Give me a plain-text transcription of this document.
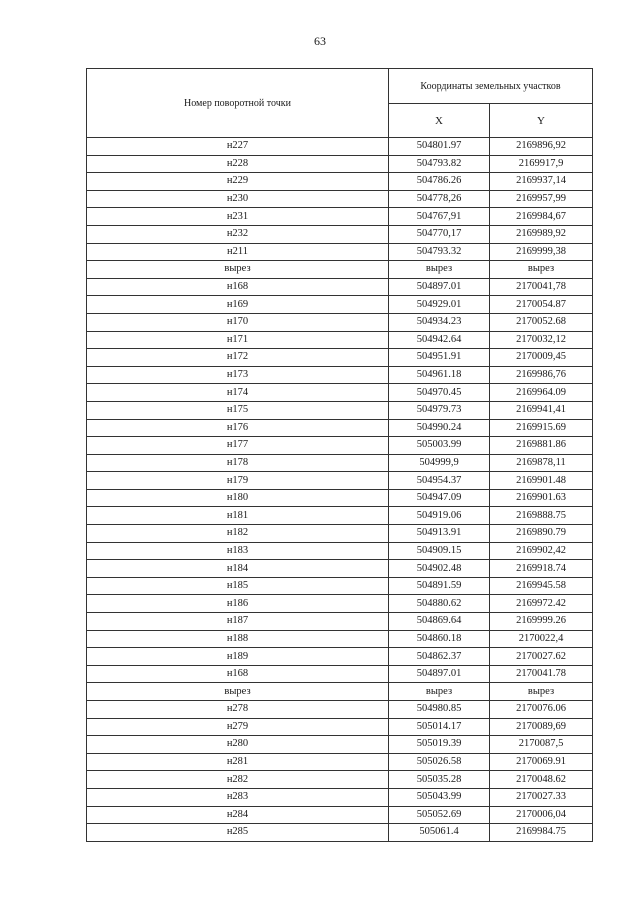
63
Номер поворотной точки	Координаты земельных участков	
	X	Y
н227	504801.97	2169896,92
н228	504793.82	2169917,9
н229	504786.26	2169937,14
н230	504778,26	2169957,99
н231	504767,91	2169984,67
н232	504770,17	2169989,92
н211	504793.32	2169999,38
вырез	вырез	вырез
н168	504897.01	2170041,78
н169	504929.01	2170054.87
н170	504934.23	2170052.68
н171	504942.64	2170032,12
н172	504951.91	2170009,45
н173	504961.18	2169986,76
н174	504970.45	2169964.09
н175	504979.73	2169941,41
н176	504990.24	2169915.69
н177	505003.99	2169881.86
н178	504999,9	2169878,11
н179	504954.37	2169901.48
н180	504947.09	2169901.63
н181	504919.06	2169888.75
н182	504913.91	2169890.79
н183	504909.15	2169902,42
н184	504902.48	2169918.74
н185	504891.59	2169945.58
н186	504880.62	2169972.42
н187	504869.64	2169999.26
н188	504860.18	2170022,4
н189	504862.37	2170027.62
н168	504897.01	2170041.78
вырез	вырез	вырез
н278	504980.85	2170076.06
н279	505014.17	2170089,69
н280	505019.39	2170087,5
н281	505026.58	2170069.91
н282	505035.28	2170048.62
н283	505043.99	2170027.33
н284	505052.69	2170006,04
н285	505061.4	2169984.75
